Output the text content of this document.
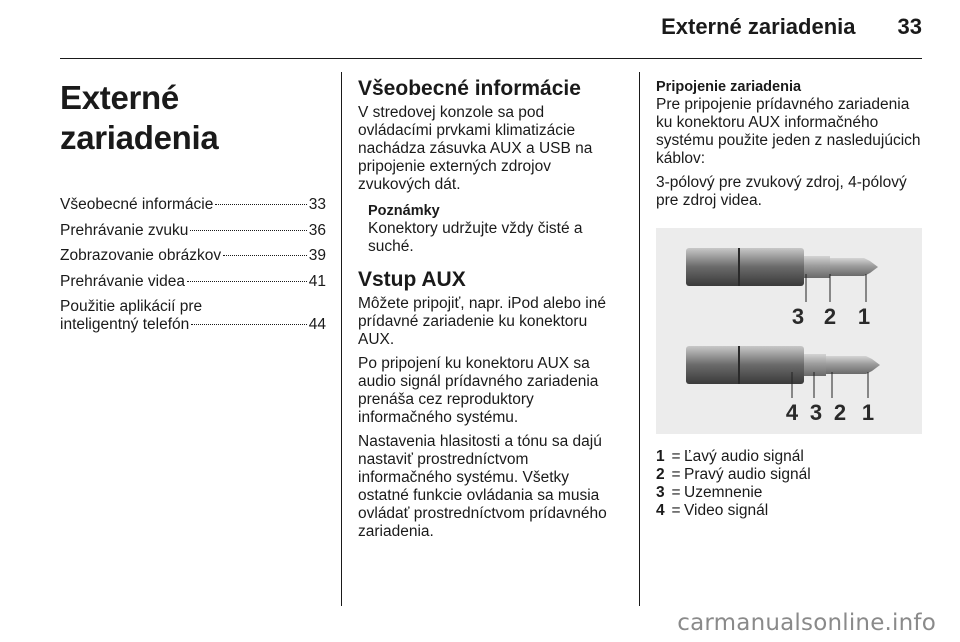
Externé zariadenia 33
Externé zariadenia
Všeobecné informácie	33
Prehrávanie zvuku	36
Zobrazovanie obrázkov	39
Prehrávanie videa	41
Použitie aplikácií pre
inteligentný telefón	44
Všeobecné informácie

V stredovej konzole sa pod ovládacími prvkami klimatizácie nachádza zásuvka AUX a USB na pripojenie externých zdrojov zvukových dát.

Poznámky
Konektory udržujte vždy čisté a suché.
Vstup AUX

Môžete pripojiť, napr. iPod alebo iné prídavné zariadenie ku konektoru AUX.

Po pripojení ku konektoru AUX sa audio signál prídavného zariadenia prenáša cez reproduktory informačného systému.

Nastavenia hlasitosti a tónu sa dajú nastaviť prostredníctvom informačného systému. Všetky ostatné funkcie ovládania sa musia ovládať prostredníctvom prídavného zariadenia.

Pripojenie zariadenia

Pre pripojenie prídavného zariadenia ku konektoru AUX informačného systému použite jeden z nasledujúcich káblov:

3-pólový pre zvukový zdroj, 4-pólový pre zdroj videa.

3 2 1
4 3 2 1
1 = Ľavý audio signál
2 = Pravý audio signál
3 = Uzemnenie
4 = Video signál
carmanualsonline.info
